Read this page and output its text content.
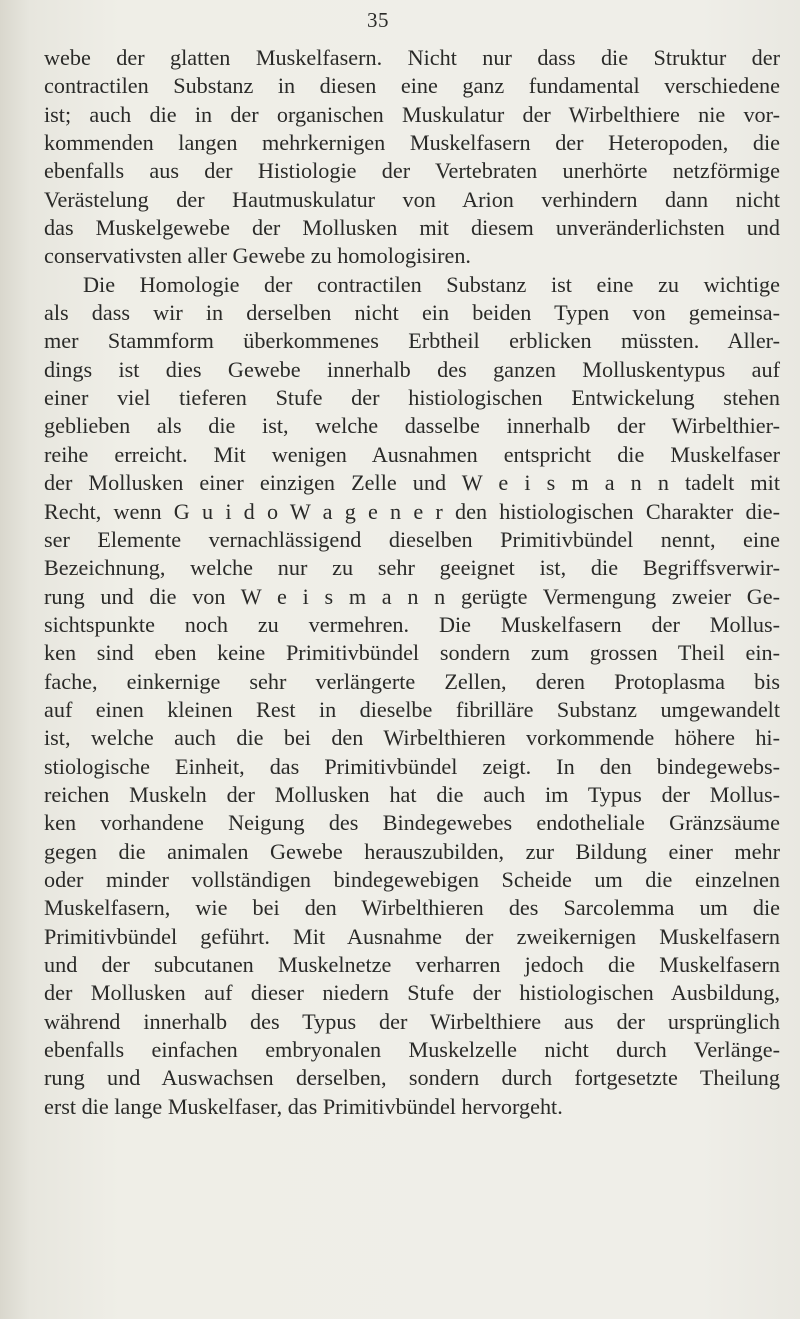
35
webe der glatten Muskelfasern. Nicht nur dass die Struktur der
contractilen Substanz in diesen eine ganz fundamental verschiedene
ist; auch die in der organischen Muskulatur der Wirbelthiere nie vor-
kommenden langen mehrkernigen Muskelfasern der Heteropoden, die
ebenfalls aus der Histiologie der Vertebraten unerhörte netzförmige
Verästelung der Hautmuskulatur von Arion verhindern dann nicht
das Muskelgewebe der Mollusken mit diesem unveränderlichsten und
conservativsten aller Gewebe zu homologisiren.
Die Homologie der contractilen Substanz ist eine zu wichtige
als dass wir in derselben nicht ein beiden Typen von gemeinsa-
mer Stammform überkommenes Erbtheil erblicken müssten. Aller-
dings ist dies Gewebe innerhalb des ganzen Molluskentypus auf
einer viel tieferen Stufe der histiologischen Entwickelung stehen
geblieben als die ist, welche dasselbe innerhalb der Wirbelthier-
reihe erreicht. Mit wenigen Ausnahmen entspricht die Muskelfaser
der Mollusken einer einzigen Zelle und W e i s m a n n tadelt mit
Recht, wenn G u i d o W a g e n e r den histiologischen Charakter die-
ser Elemente vernachlässigend dieselben Primitivbündel nennt, eine
Bezeichnung, welche nur zu sehr geeignet ist, die Begriffsverwir-
rung und die von W e i s m a n n gerügte Vermengung zweier Ge-
sichtspunkte noch zu vermehren. Die Muskelfasern der Mollus-
ken sind eben keine Primitivbündel sondern zum grossen Theil ein-
fache, einkernige sehr verlängerte Zellen, deren Protoplasma bis
auf einen kleinen Rest in dieselbe fibrilläre Substanz umgewandelt
ist, welche auch die bei den Wirbelthieren vorkommende höhere hi-
stiologische Einheit, das Primitivbündel zeigt. In den bindegewebs-
reichen Muskeln der Mollusken hat die auch im Typus der Mollus-
ken vorhandene Neigung des Bindegewebes endotheliale Gränzsäume
gegen die animalen Gewebe herauszubilden, zur Bildung einer mehr
oder minder vollständigen bindegewebigen Scheide um die einzelnen
Muskelfasern, wie bei den Wirbelthieren des Sarcolemma um die
Primitivbündel geführt. Mit Ausnahme der zweikernigen Muskelfasern
und der subcutanen Muskelnetze verharren jedoch die Muskelfasern
der Mollusken auf dieser niedern Stufe der histiologischen Ausbildung,
während innerhalb des Typus der Wirbelthiere aus der ursprünglich
ebenfalls einfachen embryonalen Muskelzelle nicht durch Verlänge-
rung und Auswachsen derselben, sondern durch fortgesetzte Theilung
erst die lange Muskelfaser, das Primitivbündel hervorgeht.
